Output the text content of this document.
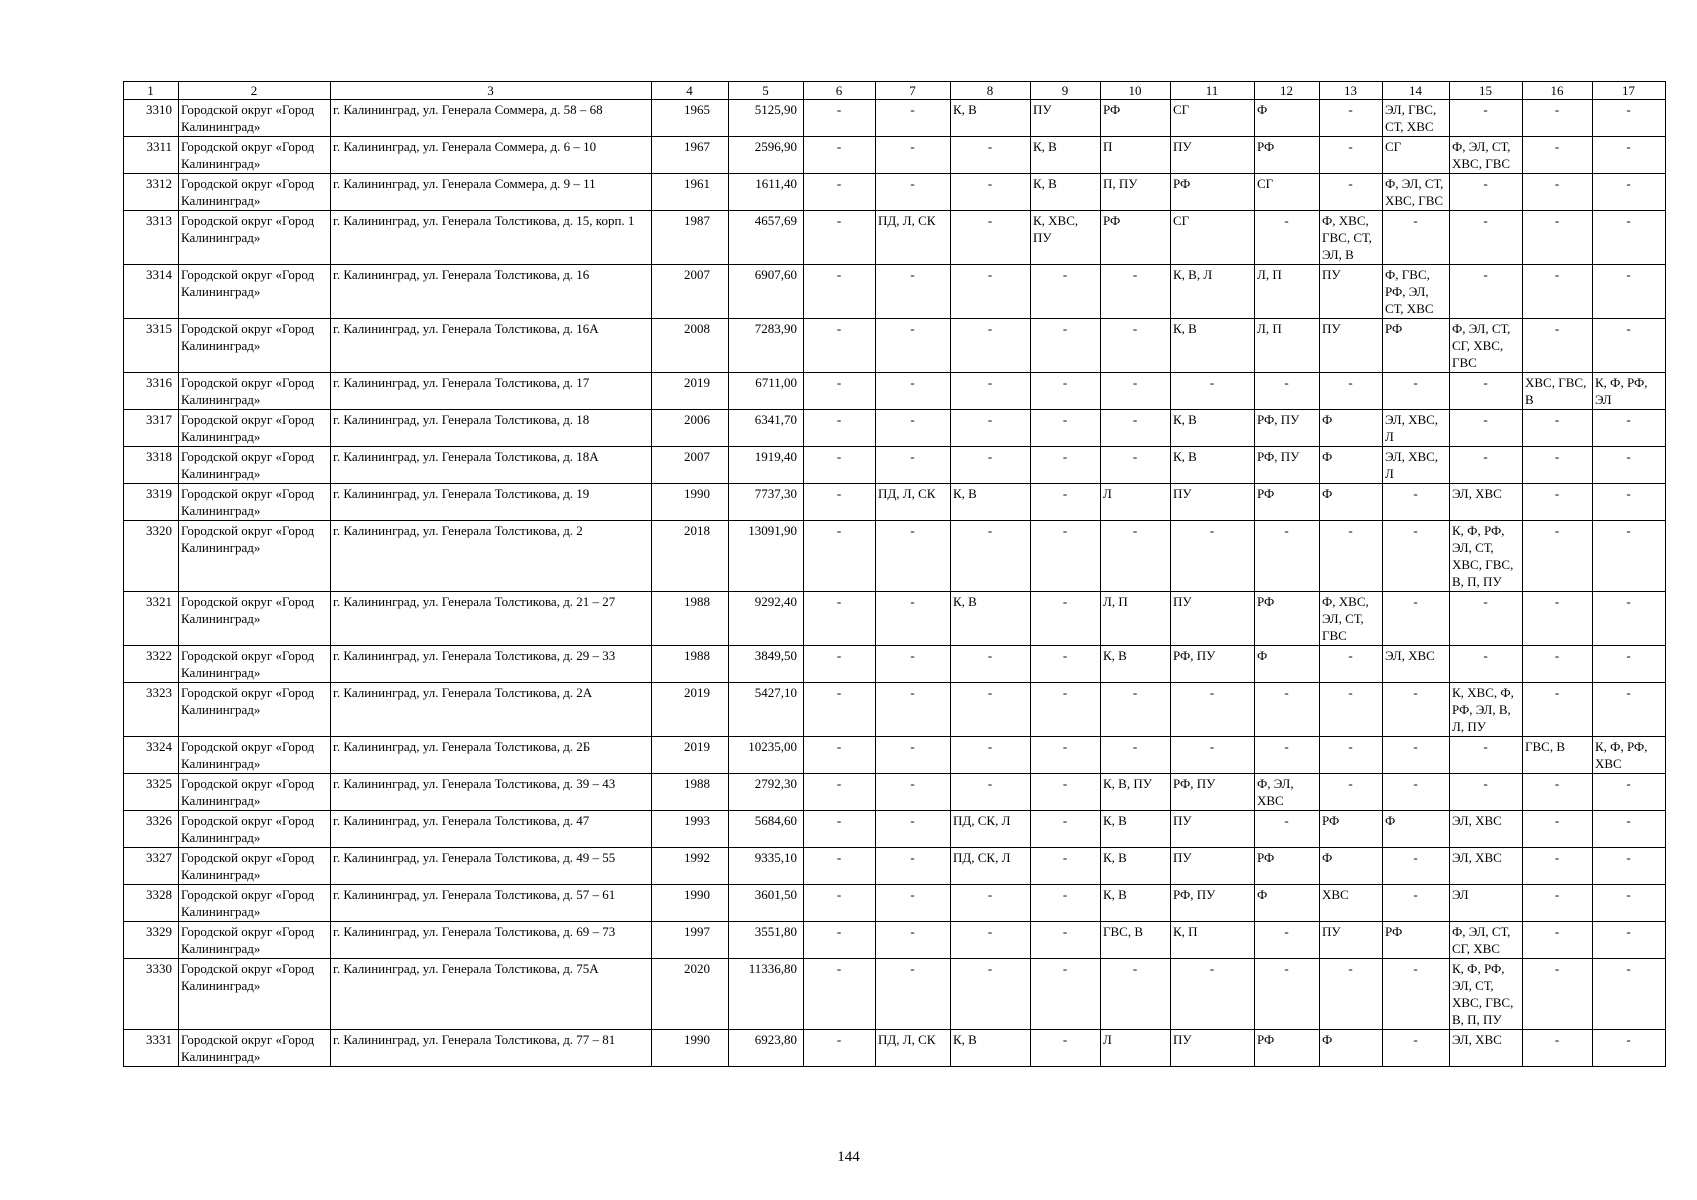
1	2	3	4	5	6	7	8	9	10	11	12	13	14	15	16	17
3310	Городской округ «Город Калининград»	г. Калининград, ул. Генерала Соммера, д. 58 – 68	1965	5125,90	-	-	К, В	ПУ	РФ	СГ	Ф	-	ЭЛ, ГВС, СТ, ХВС	-	-	-
3311	Городской округ «Город Калининград»	г. Калининград, ул. Генерала Соммера, д. 6 – 10	1967	2596,90	-	-	-	К, В	П	ПУ	РФ	-	СГ	Ф, ЭЛ, СТ, ХВС, ГВС	-	-
3312	Городской округ «Город Калининград»	г. Калининград, ул. Генерала Соммера, д. 9 – 11	1961	1611,40	-	-	-	К, В	П, ПУ	РФ	СГ	-	Ф, ЭЛ, СТ, ХВС, ГВС	-	-	-
3313	Городской округ «Город Калининград»	г. Калининград, ул. Генерала Толстикова, д. 15, корп. 1	1987	4657,69	-	ПД, Л, СК	-	К, ХВС, ПУ	РФ	СГ	-	Ф, ХВС, ГВС, СТ, ЭЛ, В	-	-	-	-
3314	Городской округ «Город Калининград»	г. Калининград, ул. Генерала Толстикова, д. 16	2007	6907,60	-	-	-	-	-	К, В, Л	Л, П	ПУ	Ф, ГВС, РФ, ЭЛ, СТ, ХВС	-	-	-
3315	Городской округ «Город Калининград»	г. Калининград, ул. Генерала Толстикова, д. 16А	2008	7283,90	-	-	-	-	-	К, В	Л, П	ПУ	РФ	Ф, ЭЛ, СТ, СГ, ХВС, ГВС	-	-
3316	Городской округ «Город Калининград»	г. Калининград, ул. Генерала Толстикова, д. 17	2019	6711,00	-	-	-	-	-	-	-	-	-	-	ХВС, ГВС, В	К, Ф, РФ, ЭЛ
3317	Городской округ «Город Калининград»	г. Калининград, ул. Генерала Толстикова, д. 18	2006	6341,70	-	-	-	-	-	К, В	РФ, ПУ	Ф	ЭЛ, ХВС, Л	-	-	-
3318	Городской округ «Город Калининград»	г. Калининград, ул. Генерала Толстикова, д. 18А	2007	1919,40	-	-	-	-	-	К, В	РФ, ПУ	Ф	ЭЛ, ХВС, Л	-	-	-
3319	Городской округ «Город Калининград»	г. Калининград, ул. Генерала Толстикова, д. 19	1990	7737,30	-	ПД, Л, СК	К, В	-	Л	ПУ	РФ	Ф	-	ЭЛ, ХВС	-	-
3320	Городской округ «Город Калининград»	г. Калининград, ул. Генерала Толстикова, д. 2	2018	13091,90	-	-	-	-	-	-	-	-	-	К, Ф, РФ, ЭЛ, СТ, ХВС, ГВС, В, П, ПУ	-	-
3321	Городской округ «Город Калининград»	г. Калининград, ул. Генерала Толстикова, д. 21 – 27	1988	9292,40	-	-	К, В	-	Л, П	ПУ	РФ	Ф, ХВС, ЭЛ, СТ, ГВС	-	-	-	-
3322	Городской округ «Город Калининград»	г. Калининград, ул. Генерала Толстикова, д. 29 – 33	1988	3849,50	-	-	-	-	К, В	РФ, ПУ	Ф	-	ЭЛ, ХВС	-	-	-
3323	Городской округ «Город Калининград»	г. Калининград, ул. Генерала Толстикова, д. 2А	2019	5427,10	-	-	-	-	-	-	-	-	-	К, ХВС, Ф, РФ, ЭЛ, В, Л, ПУ	-	-
3324	Городской округ «Город Калининград»	г. Калининград, ул. Генерала Толстикова, д. 2Б	2019	10235,00	-	-	-	-	-	-	-	-	-	-	ГВС, В	К, Ф, РФ, ХВС
3325	Городской округ «Город Калининград»	г. Калининград, ул. Генерала Толстикова, д. 39 – 43	1988	2792,30	-	-	-	-	К, В, ПУ	РФ, ПУ	Ф, ЭЛ, ХВС	-	-	-	-	-
3326	Городской округ «Город Калининград»	г. Калининград, ул. Генерала Толстикова, д. 47	1993	5684,60	-	-	ПД, СК, Л	-	К, В	ПУ	-	РФ	Ф	ЭЛ, ХВС	-	-
3327	Городской округ «Город Калининград»	г. Калининград, ул. Генерала Толстикова, д. 49 – 55	1992	9335,10	-	-	ПД, СК, Л	-	К, В	ПУ	РФ	Ф	-	ЭЛ, ХВС	-	-
3328	Городской округ «Город Калининград»	г. Калининград, ул. Генерала Толстикова, д. 57 – 61	1990	3601,50	-	-	-	-	К, В	РФ, ПУ	Ф	ХВС	-	ЭЛ	-	-
3329	Городской округ «Город Калининград»	г. Калининград, ул. Генерала Толстикова, д. 69 – 73	1997	3551,80	-	-	-	-	ГВС, В	К, П	-	ПУ	РФ	Ф, ЭЛ, СТ, СГ, ХВС	-	-
3330	Городской округ «Город Калининград»	г. Калининград, ул. Генерала Толстикова, д. 75А	2020	11336,80	-	-	-	-	-	-	-	-	-	К, Ф, РФ, ЭЛ, СТ, ХВС, ГВС, В, П, ПУ	-	-
3331	Городской округ «Город Калининград»	г. Калининград, ул. Генерала Толстикова, д. 77 – 81	1990	6923,80	-	ПД, Л, СК	К, В	-	Л	ПУ	РФ	Ф	-	ЭЛ, ХВС	-	-
144
